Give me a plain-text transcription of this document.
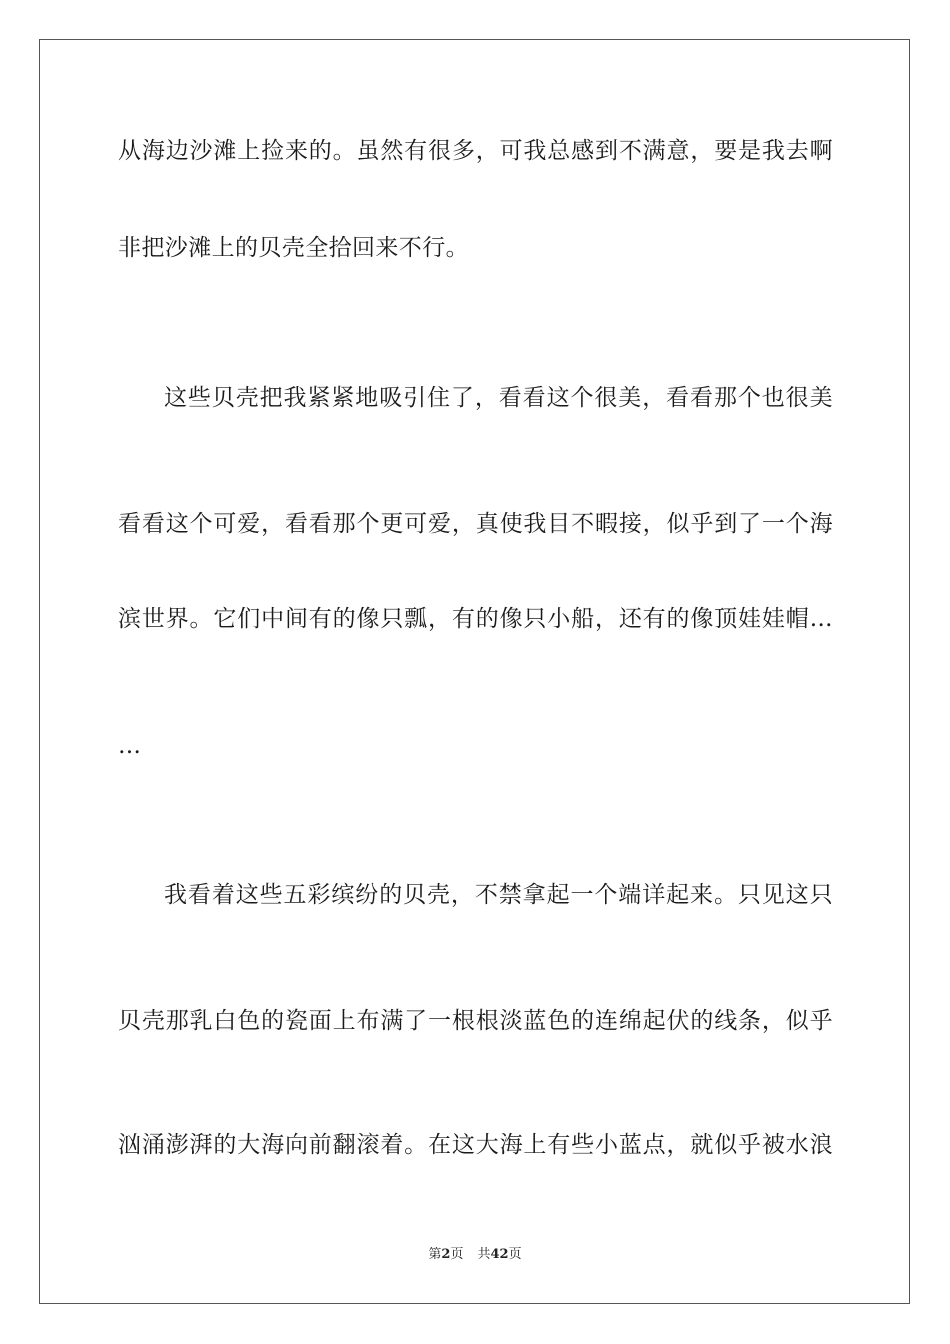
从海边沙滩上捡来的。虽然有很多，可我总感到不满意，要是我去啊
非把沙滩上的贝壳全拾回来不行。
这些贝壳把我紧紧地吸引住了，看看这个很美，看看那个也很美
看看这个可爱，看看那个更可爱，真使我目不暇接，似乎到了一个海
滨世界。它们中间有的像只瓢，有的像只小船，还有的像顶娃娃帽…
…
我看着这些五彩缤纷的贝壳，不禁拿起一个端详起来。只见这只
贝壳那乳白色的瓷面上布满了一根根淡蓝色的连绵起伏的线条，似乎
汹涌澎湃的大海向前翻滚着。在这大海上有些小蓝点，就似乎被水浪
第2页 共42页
